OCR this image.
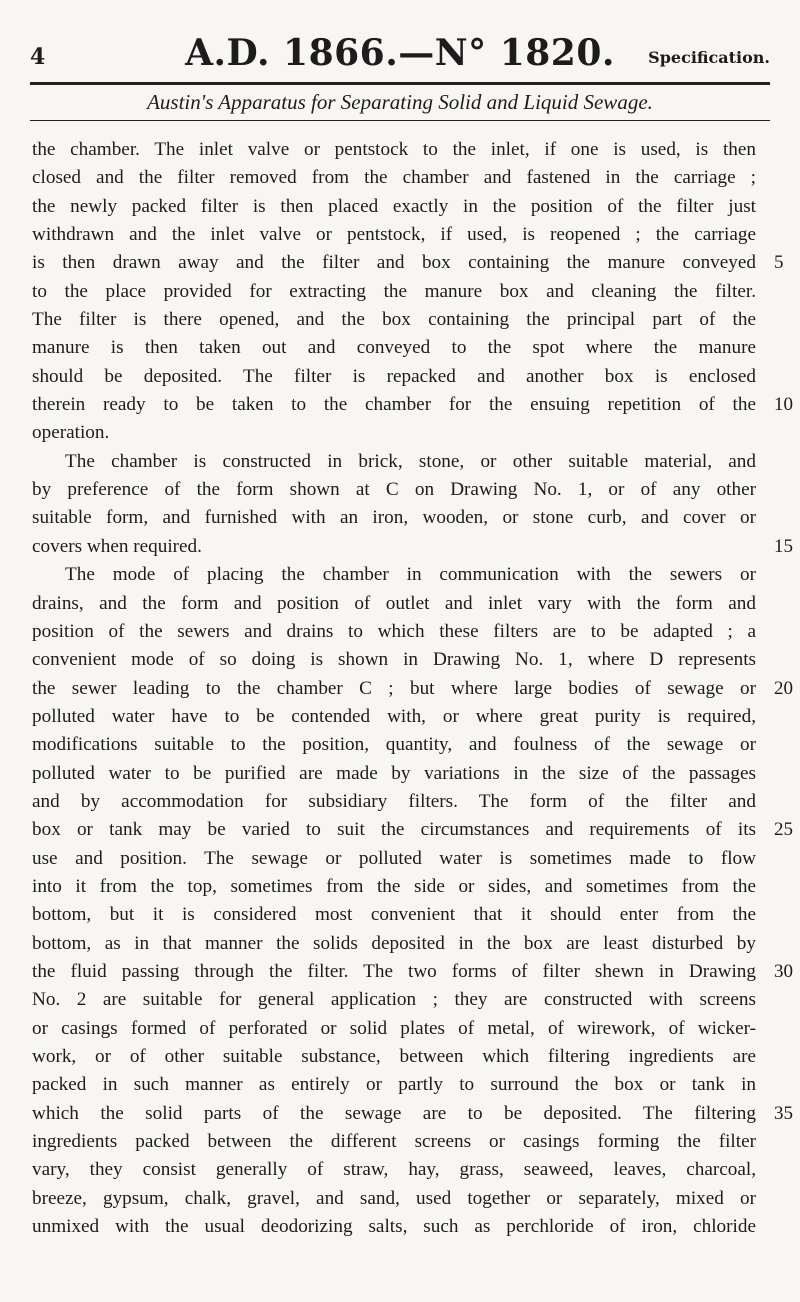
4	A.D. 1866.—N° 1820.	Specification.
Austin's Apparatus for Separating Solid and Liquid Sewage.
the chamber. The inlet valve or pentstock to the inlet, if one is used, is then
closed and the filter removed from the chamber and fastened in the carriage ;
the newly packed filter is then placed exactly in the position of the filter just
withdrawn and the inlet valve or pentstock, if used, is reopened ; the carriage
is then drawn away and the filter and box containing the manure conveyed 5
to the place provided for extracting the manure box and cleaning the filter.
The filter is there opened, and the box containing the principal part of the
manure is then taken out and conveyed to the spot where the manure
should be deposited. The filter is repacked and another box is enclosed
therein ready to be taken to the chamber for the ensuing repetition of the 10
operation.
The chamber is constructed in brick, stone, or other suitable material, and
by preference of the form shown at C on Drawing No. 1, or of any other
suitable form, and furnished with an iron, wooden, or stone curb, and cover or
covers when required.	15
The mode of placing the chamber in communication with the sewers or
drains, and the form and position of outlet and inlet vary with the form and
position of the sewers and drains to which these filters are to be adapted ; a
convenient mode of so doing is shown in Drawing No. 1, where D represents
the sewer leading to the chamber C ; but where large bodies of sewage or 20
polluted water have to be contended with, or where great purity is required,
modifications suitable to the position, quantity, and foulness of the sewage or
polluted water to be purified are made by variations in the size of the passages
and by accommodation for subsidiary filters. The form of the filter and
box or tank may be varied to suit the circumstances and requirements of its 25
use and position. The sewage or polluted water is sometimes made to flow
into it from the top, sometimes from the side or sides, and sometimes from the
bottom, but it is considered most convenient that it should enter from the
bottom, as in that manner the solids deposited in the box are least disturbed by
the fluid passing through the filter. The two forms of filter shewn in Drawing 30
No. 2 are suitable for general application ; they are constructed with screens
or casings formed of perforated or solid plates of metal, of wirework, of wicker-
work, or of other suitable substance, between which filtering ingredients are
packed in such manner as entirely or partly to surround the box or tank in
which the solid parts of the sewage are to be deposited. The filtering 35
ingredients packed between the different screens or casings forming the filter
vary, they consist generally of straw, hay, grass, seaweed, leaves, charcoal,
breeze, gypsum, chalk, gravel, and sand, used together or separately, mixed or
unmixed with the usual deodorizing salts, such as perchloride of iron, chloride
